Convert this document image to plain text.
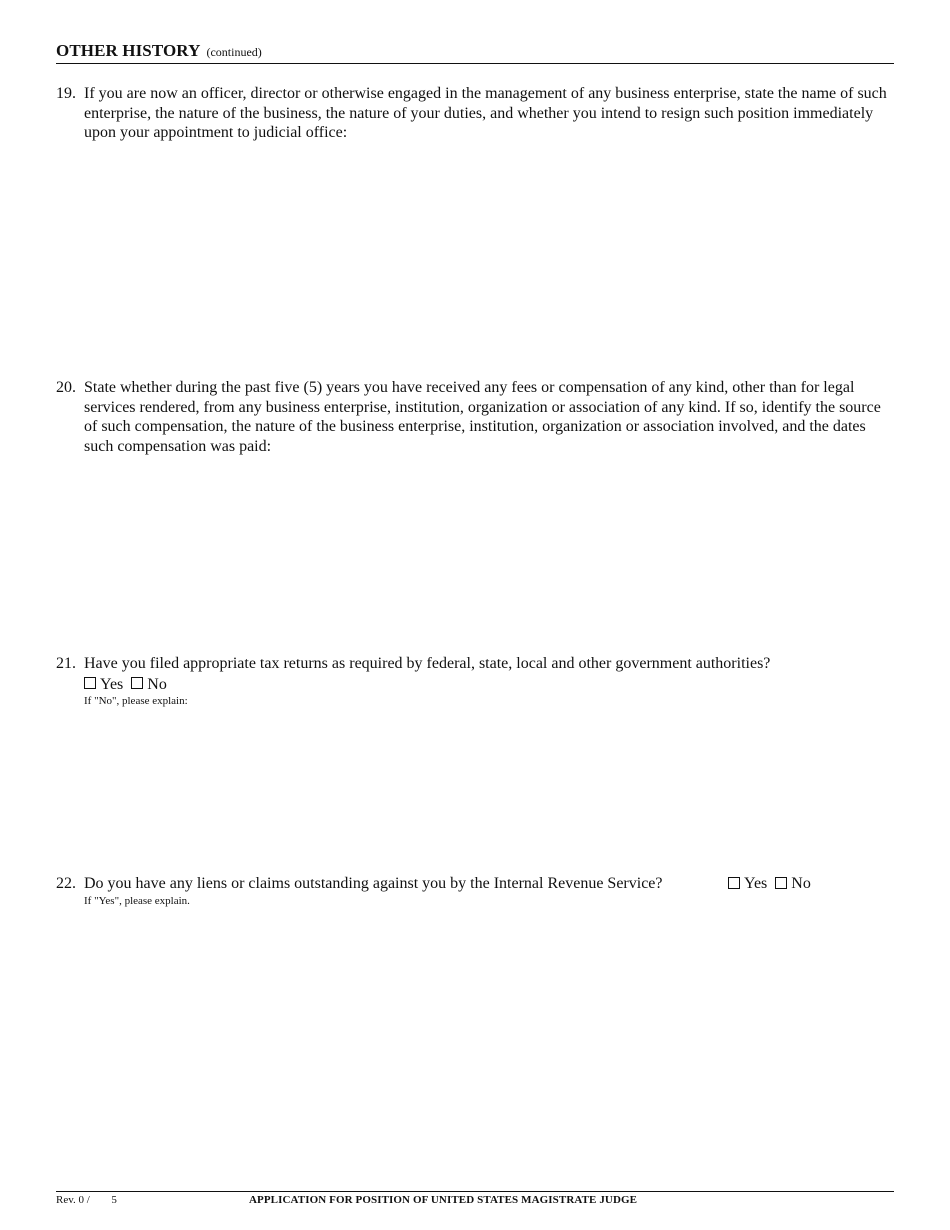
OTHER HISTORY (continued)
19. If you are now an officer, director or otherwise engaged in the management of any business enterprise, state the name of such enterprise, the nature of the business, the nature of your duties, and whether you intend to resign such position immediately upon your appointment to judicial office:
20. State whether during the past five (5) years you have received any fees or compensation of any kind, other than for legal services rendered, from any business enterprise, institution, organization or association of any kind. If so, identify the source of such compensation, the nature of the business enterprise, institution, organization or association involved, and the dates such compensation was paid:
21. Have you filed appropriate tax returns as required by federal, state, local and other government authorities?
Yes No
If "No", please explain:
22. Do you have any liens or claims outstanding against you by the Internal Revenue Service?	Yes No
If "Yes", please explain.
Rev. 0 / 5	APPLICATION FOR POSITION OF UNITED STATES MAGISTRATE JUDGE
